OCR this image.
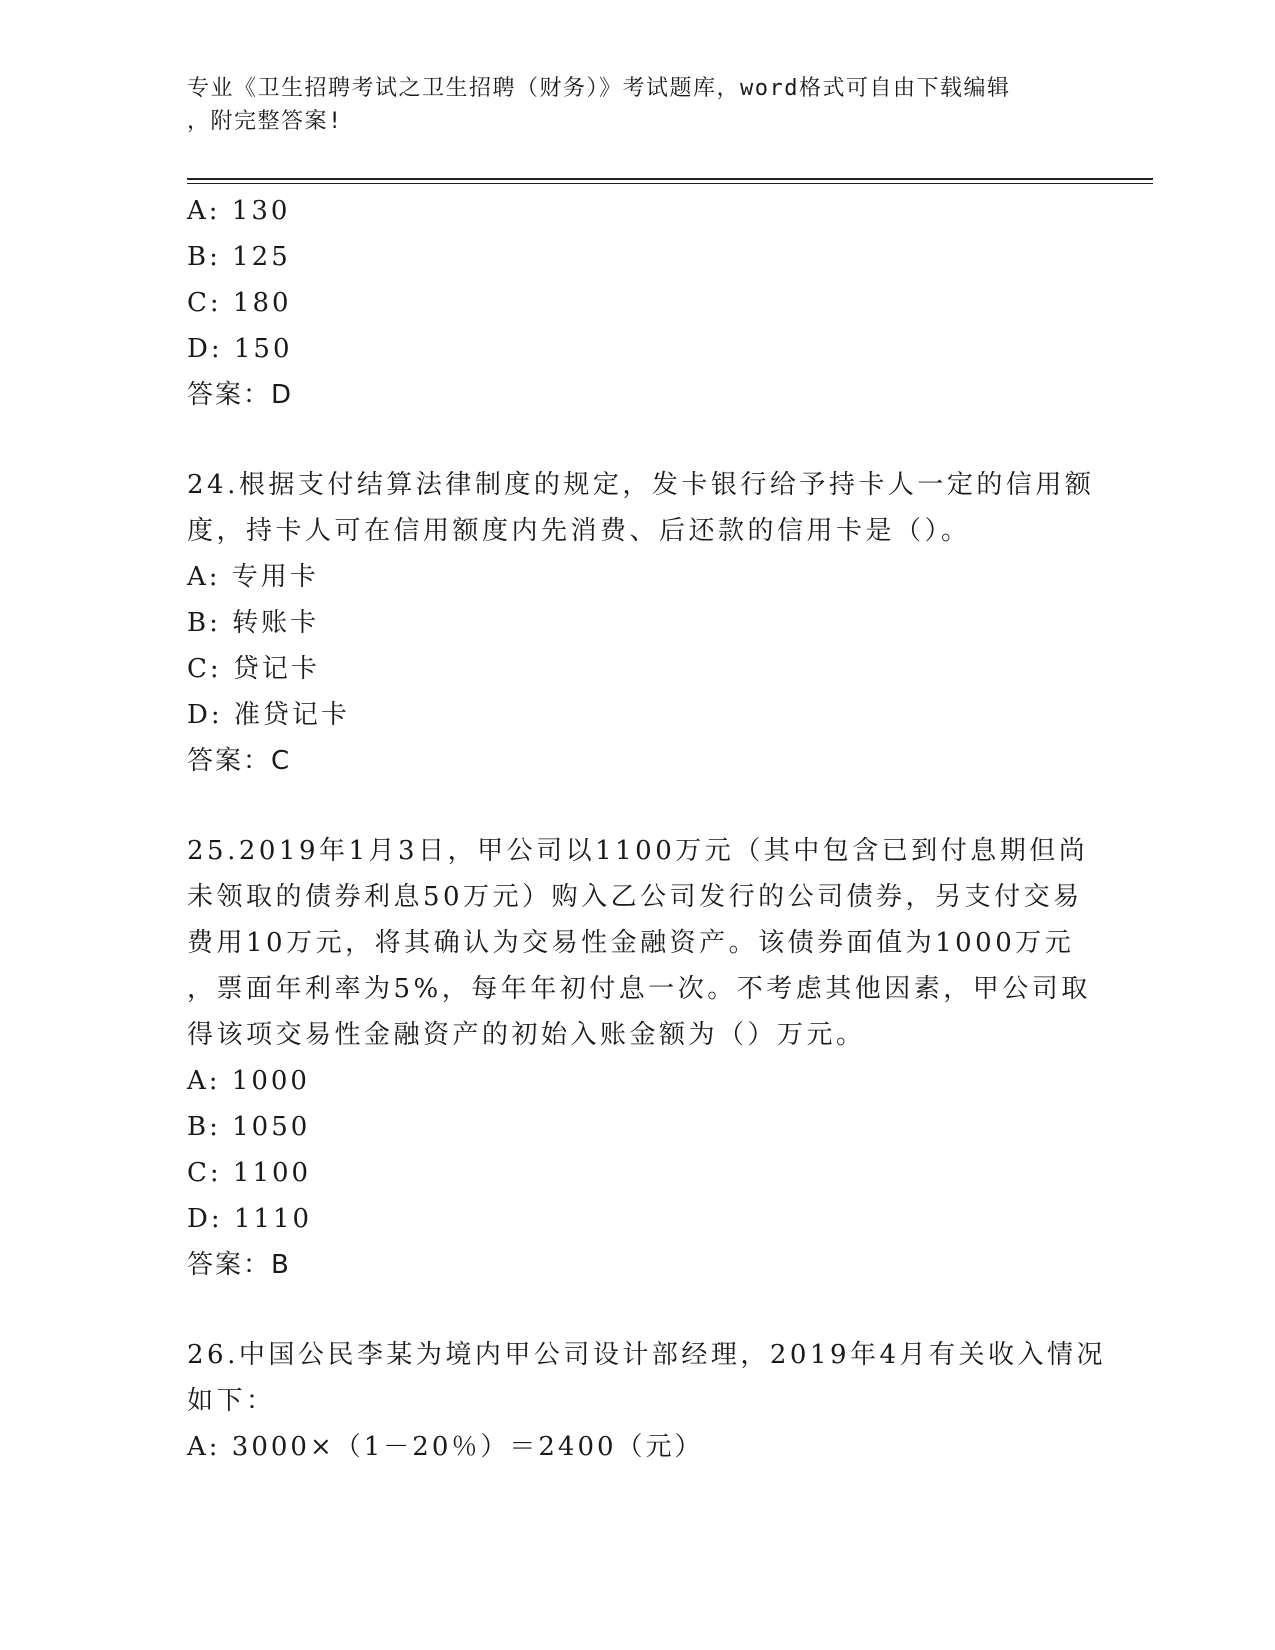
专业《卫生招聘考试之卫生招聘（财务）》考试题库，word格式可自由下载编辑
，附完整答案!
A: 130
B: 125
C: 180
D: 150
答案：D
24.根据支付结算法律制度的规定，发卡银行给予持卡人一定的信用额
度，持卡人可在信用额度内先消费、后还款的信用卡是（）。
A: 专用卡
B: 转账卡
C: 贷记卡
D: 准贷记卡
答案：C
25.2019年1月3日，甲公司以1100万元（其中包含已到付息期但尚
未领取的债券利息50万元）购入乙公司发行的公司债券，另支付交易
费用10万元，将其确认为交易性金融资产。该债券面值为1000万元
，票面年利率为5%，每年年初付息一次。不考虑其他因素，甲公司取
得该项交易性金融资产的初始入账金额为（）万元。
A: 1000
B: 1050
C: 1100
D: 1110
答案：B
26.中国公民李某为境内甲公司设计部经理，2019年4月有关收入情况
如下：
A: 3000×（1－20％）＝2400（元）
